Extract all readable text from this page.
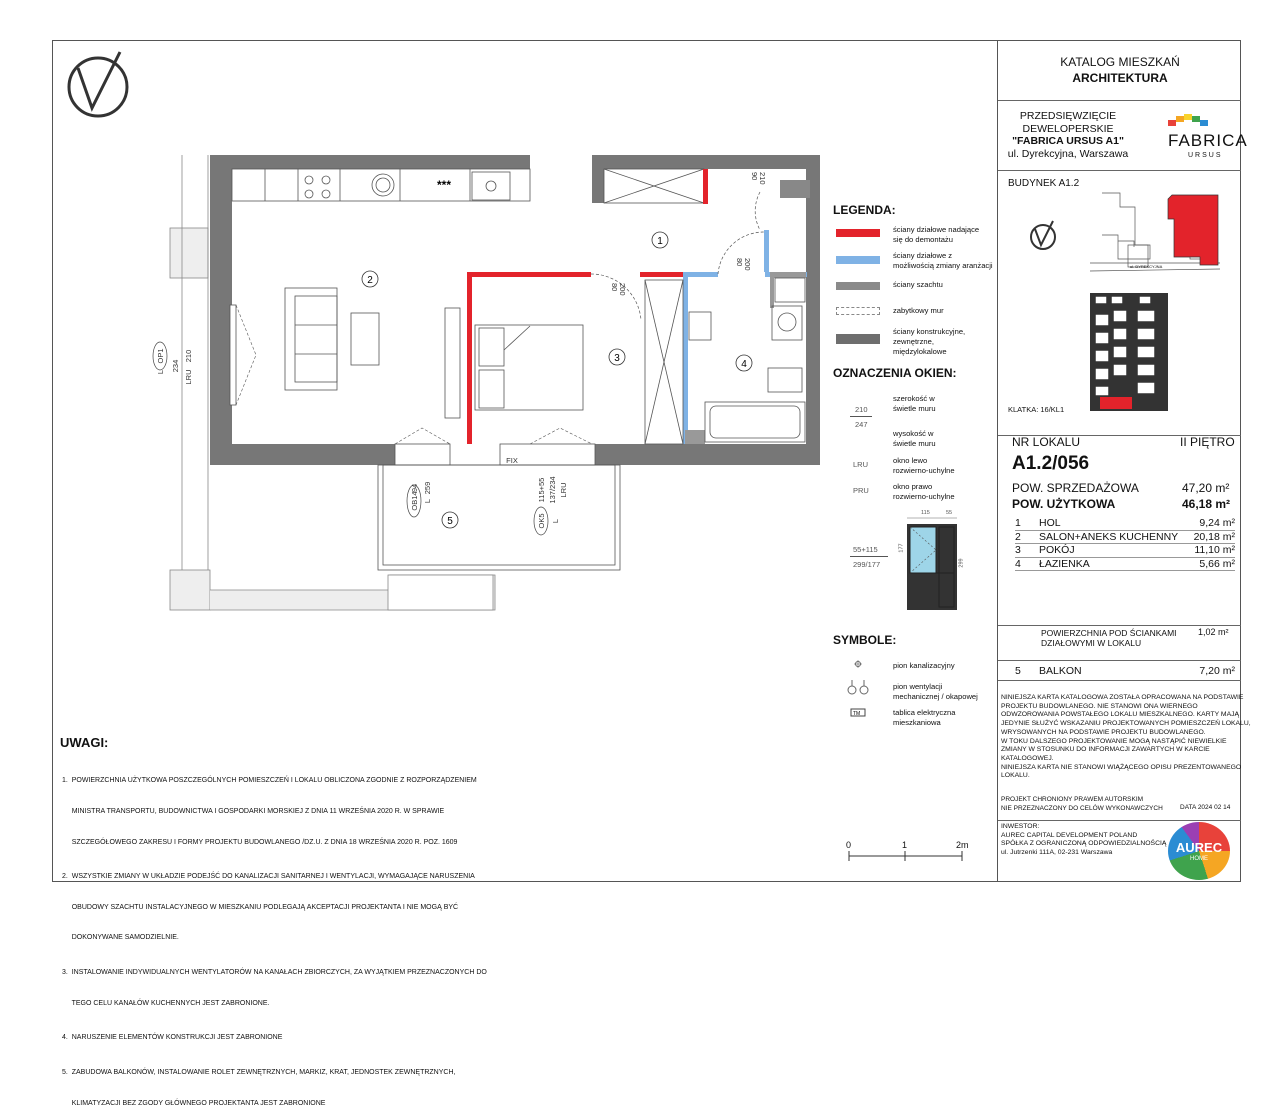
***
1
2
3
4
5
80 200
80 200
90 210
OP1
L
210
234
LRU
OB14 L
94 259
OK5 L
115+55 137/234 LRU
FIX
0	1	2m
LEGENDA:
ściany działowe nadające
się do demontażu
ściany działowe z
możliwością zmiany aranżacji
ściany szachtu
zabytkowy mur
ściany konstrukcyjne,
zewnętrzne,
międzylokalowe
OZNACZENIA OKIEN:
210
247
szerokość w
świetle muru
wysokość w
świetle muru
LRU	okno lewo
rozwierno-uchylne
PRU	okno prawo
rozwierno-uchylne
55+115
299/177
115	55
177
299
SYMBOLE:
TM
pion kanalizacyjny
pion wentylacji
mechanicznej / okapowej
tablica elektryczna
mieszkaniowa
UWAGI:

1.  POWIERZCHNIA UŻYTKOWA POSZCZEGÓLNYCH POMIESZCZEŃ I LOKALU OBLICZONA ZGODNIE Z ROZPORZĄDZENIEM

MINISTRA TRANSPORTU, BUDOWNICTWA I GOSPODARKI MORSKIEJ Z DNIA 11 WRZEŚNIA 2020 R. W SPRAWIE

SZCZEGÓŁOWEGO ZAKRESU I FORMY PROJEKTU BUDOWLANEGO /DZ.U. Z DNIA 18 WRZEŚNIA 2020 R. POZ. 1609

2.  WSZYSTKIE ZMIANY W UKŁADZIE PODEJŚĆ DO KANALIZACJI SANITARNEJ I WENTYLACJI, WYMAGAJĄCE NARUSZENIA

OBUDOWY SZACHTU INSTALACYJNEGO W MIESZKANIU PODLEGAJĄ AKCEPTACJI PROJEKTANTA I NIE MOGĄ BYĆ

DOKONYWANE SAMODZIELNIE.

3.  INSTALOWANIE INDYWIDUALNYCH WENTYLATORÓW NA KANAŁACH ZBIORCZYCH, ZA WYJĄTKIEM PRZEZNACZONYCH DO

TEGO CELU KANAŁÓW KUCHENNYCH JEST ZABRONIONE.

4.  NARUSZENIE ELEMENTÓW KONSTRUKCJI JEST ZABRONIONE

5.  ZABUDOWA BALKONÓW, INSTALOWANIE ROLET ZEWNĘTRZNYCH, MARKIZ, KRAT, JEDNOSTEK ZEWNĘTRZNYCH,

KLIMATYZACJI BEZ ZGODY GŁÓWNEGO PROJEKTANTA JEST ZABRONIONE

KATALOG MIESZKAŃ
ARCHITEKTURA
PRZEDSIĘWZIĘCIE
DEWELOPERSKIE
"FABRICA URSUS A1"
ul. Dyrekcyjna, Warszawa
FABRICA
URSUS
BUDYNEK A1.2
ul. DYREKCYJNA
KLATKA: 16/KL1
NR LOKALU	II PIĘTRO
A1.2/056
POW. SPRZEDAŻOWA	47,20 m²
POW. UŻYTKOWA	46,18 m²
1	HOL	9,24 m²
2	SALON+ANEKS KUCHENNY	20,18 m²
3	POKÓJ	11,10 m²
4	ŁAZIENKA	5,66 m²
POWIERZCHNIA POD ŚCIANKAMI
DZIAŁOWYMI W LOKALU
1,02 m²
5	BALKON	7,20 m²
NINIEJSZA KARTA KATALOGOWA ZOSTAŁA OPRACOWANA NA PODSTAWIE
PROJEKTU BUDOWLANEGO. NIE STANOWI ONA WIERNEGO
ODWZOROWANIA POWSTAŁEGO LOKALU MIESZKALNEGO. KARTY MAJĄ
JEDYNIE SŁUŻYĆ WSKAZANIU PROJEKTOWANYCH POMIESZCZEŃ LOKALU,
WRYSOWANYCH NA PODSTAWIE PROJEKTU BUDOWLANEGO.
W TOKU DALSZEGO PROJEKTOWANIE MOGĄ NASTĄPIĆ NIEWIELKIE
ZMIANY W STOSUNKU DO INFORMACJI ZAWARTYCH W KARCIE
KATALOGOWEJ.
NINIEJSZA KARTA NIE STANOWI WIĄŻĄCEGO OPISU PREZENTOWANEGO
LOKALU.
PROJEKT CHRONIONY PRAWEM AUTORSKIM
NIE PRZEZNACZONY DO CELÓW WYKONAWCZYCH	DATA 2024 02 14
INWESTOR:
AUREC CAPITAL DEVELOPMENT POLAND
SPÓŁKA Z OGRANICZONĄ ODPOWIEDZIALNOŚCIĄ
ul. Jutrzenki 111A, 02-231 Warszawa	AUREC
HOME
